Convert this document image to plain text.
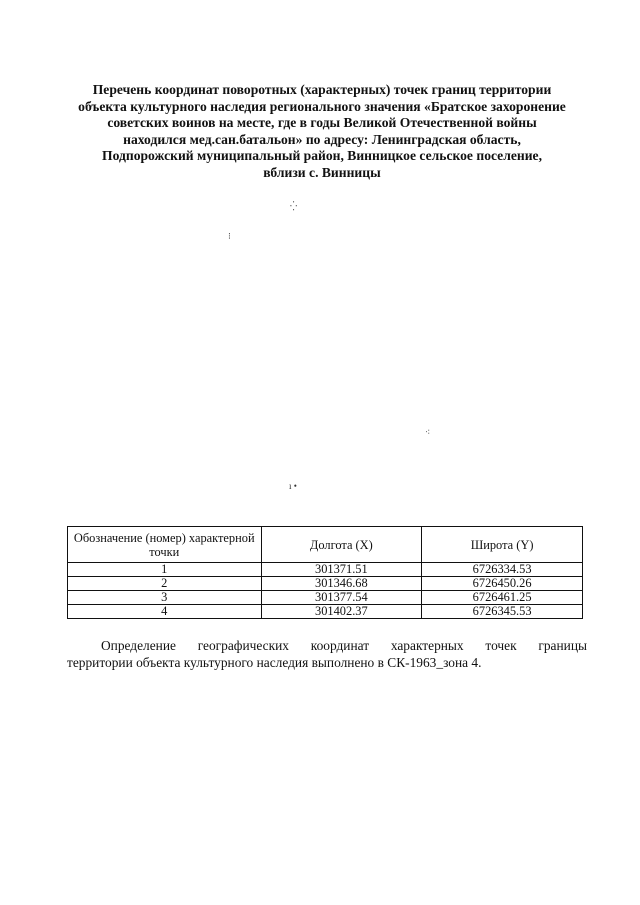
Перечень координат поворотных (характерных) точек границ территории
объекта культурного наследия регионального значения «Братское захоронение
советских воинов на месте, где в годы Великой Отечественной войны
находился мед.сан.батальон» по адресу: Ленинградская область,
Подпорожский муниципальный район, Винницкое сельское поселение,
вблизи с. Винницы
⁛
⁝
⁖
ı •
Обозначение (номер) характерной точки	Долгота (X)	Широта (Y)
1	301371.51	6726334.53
2	301346.68	6726450.26
3	301377.54	6726461.25
4	301402.37	6726345.53
Определение географических координат характерных точек границы
территории объекта культурного наследия выполнено в СК-1963_зона 4.
